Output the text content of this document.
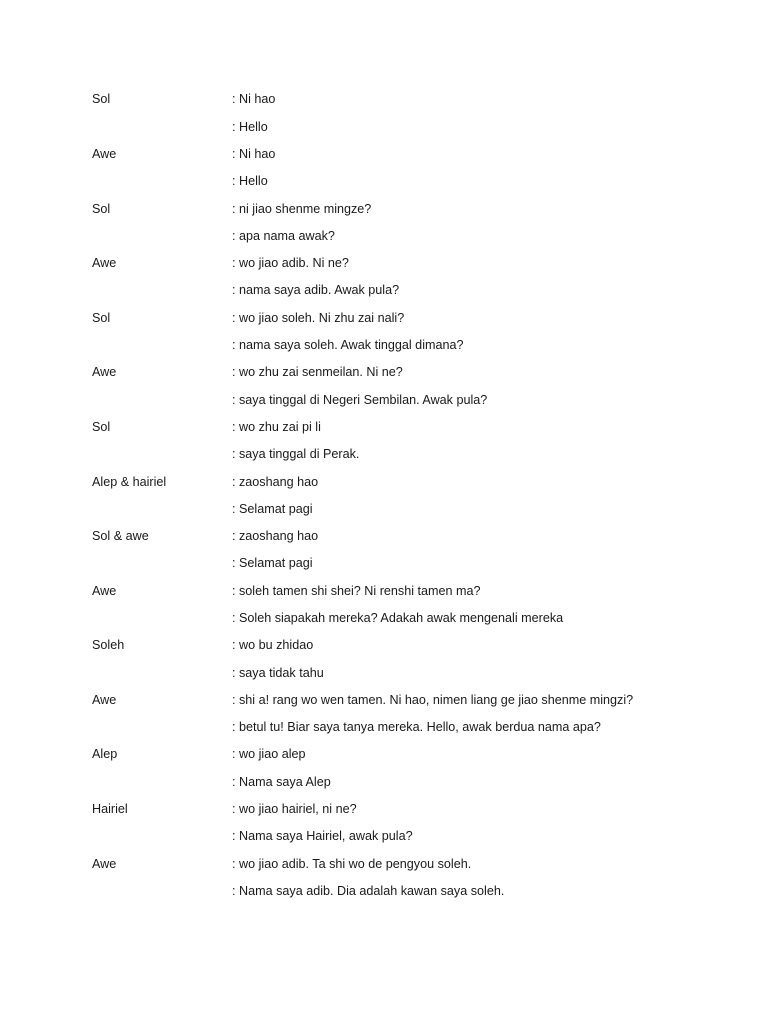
Sol	: Ni hao
: Hello
Awe	: Ni hao
: Hello
Sol	: ni jiao shenme mingze?
: apa nama awak?
Awe	: wo jiao adib. Ni ne?
: nama saya adib. Awak pula?
Sol	: wo jiao soleh. Ni zhu zai nali?
: nama saya soleh. Awak tinggal dimana?
Awe	: wo zhu zai senmeilan. Ni ne?
: saya tinggal di Negeri Sembilan. Awak pula?
Sol	: wo zhu zai pi li
: saya tinggal di Perak.
Alep & hairiel	: zaoshang hao
: Selamat pagi
Sol & awe	: zaoshang hao
: Selamat pagi
Awe	: soleh tamen shi shei? Ni renshi tamen ma?
: Soleh siapakah mereka? Adakah awak mengenali mereka
Soleh	: wo bu zhidao
: saya tidak tahu
Awe	: shi a! rang wo wen tamen. Ni hao, nimen liang ge jiao shenme mingzi?
: betul tu! Biar saya tanya mereka. Hello, awak berdua nama apa?
Alep	: wo jiao alep
: Nama saya Alep
Hairiel	: wo jiao hairiel, ni ne?
: Nama saya Hairiel, awak pula?
Awe	: wo jiao adib. Ta shi wo de pengyou soleh.
: Nama saya adib. Dia adalah kawan saya soleh.
